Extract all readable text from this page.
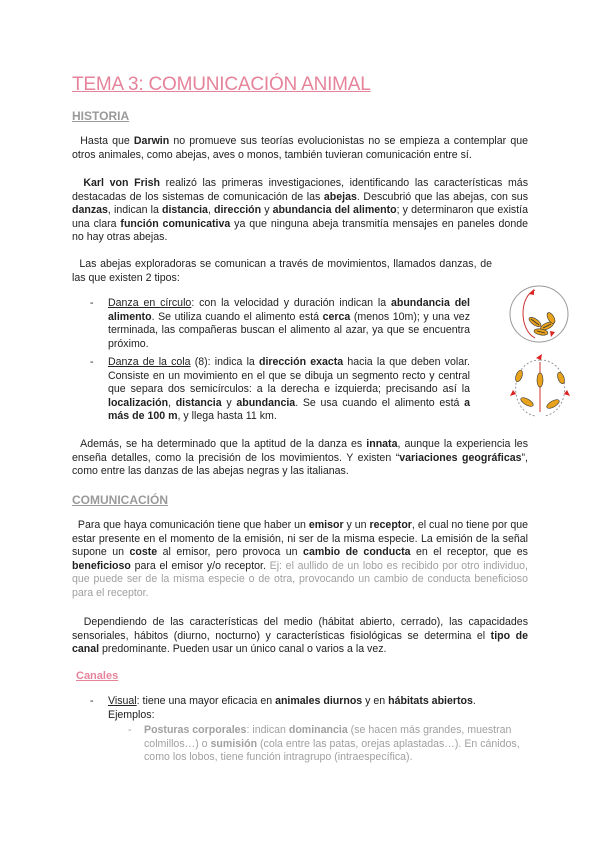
TEMA 3: COMUNICACIÓN ANIMAL
HISTORIA

Hasta que Darwin no promueve sus teorías evolucionistas no se empieza a contemplar que otros animales, como abejas, aves o monos, también tuvieran comunicación entre sí.

Karl von Frish realizó las primeras investigaciones, identificando las características más destacadas de los sistemas de comunicación de las abejas. Descubrió que las abejas, con sus danzas, indican la distancia, dirección y abundancia del alimento; y determinaron que existía una clara función comunicativa ya que ninguna abeja transmitía mensajes en paneles donde no hay otras abejas.

Las abejas exploradoras se comunican a través de movimientos, llamados danzas, de las que existen 2 tipos:

-	Danza en círculo: con la velocidad y duración indican la abundancia del alimento. Se utiliza cuando el alimento está cerca (menos 10m); y una vez terminada, las compañeras buscan el alimento al azar, ya que se encuentra próximo.
-	Danza de la cola (8): indica la dirección exacta hacia la que deben volar. Consiste en un movimiento en el que se dibuja un segmento recto y central que separa dos semicírculos: a la derecha e izquierda; precisando así la localización, distancia y abundancia. Se usa cuando el alimento está a más de 100 m, y llega hasta 11 km.

Además, se ha determinado que la aptitud de la danza es innata, aunque la experiencia les enseña detalles, como la precisión de los movimientos. Y existen “variaciones geográficas”, como entre las danzas de las abejas negras y las italianas.

COMUNICACIÓN

Para que haya comunicación tiene que haber un emisor y un receptor, el cual no tiene por que estar presente en el momento de la emisión, ni ser de la misma especie. La emisión de la señal supone un coste al emisor, pero provoca un cambio de conducta en el receptor, que es beneficioso para el emisor y/o receptor. Ej: el aullido de un lobo es recibido por otro individuo, que puede ser de la misma especie o de otra, provocando un cambio de conducta beneficioso para el receptor.

Dependiendo de las características del medio (hábitat abierto, cerrado), las capacidades sensoriales, hábitos (diurno, nocturno) y características fisiológicas se determina el tipo de canal predominante. Pueden usar un único canal o varios a la vez.

Canales
-	Visual: tiene una mayor eficacia en animales diurnos y en hábitats abiertos. Ejemplos:
-	Posturas corporales: indican dominancia (se hacen más grandes, muestran colmillos…) o sumisión (cola entre las patas, orejas aplastadas…). En cánidos, como los lobos, tiene función intragrupo (intraespecífica).
